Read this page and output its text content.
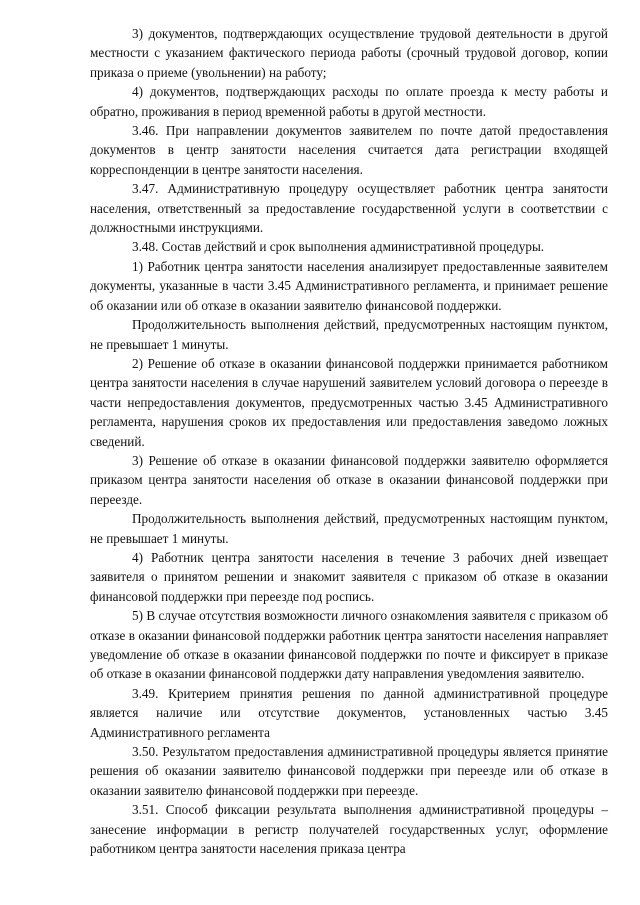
3) документов, подтверждающих осуществление трудовой деятельности в другой местности с указанием фактического периода работы (срочный трудовой договор, копии приказа о приеме (увольнении) на работу;

4) документов, подтверждающих расходы по оплате проезда к месту работы и обратно, проживания в период временной работы в другой местности.

3.46. При направлении документов заявителем по почте датой предоставления документов в центр занятости населения считается дата регистрации входящей корреспонденции в центре занятости населения.

3.47. Административную процедуру осуществляет работник центра занятости населения, ответственный за предоставление государственной услуги в соответствии с должностными инструкциями.

3.48. Состав действий и срок выполнения административной процедуры.

1) Работник центра занятости населения анализирует предоставленные заявителем документы, указанные в части 3.45 Административного регламента, и принимает решение об оказании или об отказе в оказании заявителю финансовой поддержки.

Продолжительность выполнения действий, предусмотренных настоящим пунктом, не превышает 1 минуты.

2) Решение об отказе в оказании финансовой поддержки принимается работником центра занятости населения в случае нарушений заявителем условий договора о переезде в части непредоставления документов, предусмотренных частью 3.45 Административного регламента, нарушения сроков их предоставления или предоставления заведомо ложных сведений.

3) Решение об отказе в оказании финансовой поддержки заявителю оформляется приказом центра занятости населения об отказе в оказании финансовой поддержки при переезде.

Продолжительность выполнения действий, предусмотренных настоящим пунктом, не превышает 1 минуты.

4) Работник центра занятости населения в течение 3 рабочих дней извещает заявителя о принятом решении и знакомит заявителя с приказом об отказе в оказании финансовой поддержки при переезде под роспись.

5) В случае отсутствия возможности личного ознакомления заявителя с приказом об отказе в оказании финансовой поддержки работник центра занятости населения направляет уведомление об отказе в оказании финансовой поддержки по почте и фиксирует в приказе об отказе в оказании финансовой поддержки дату направления уведомления заявителю.

3.49. Критерием принятия решения по данной административной процедуре является наличие или отсутствие документов, установленных частью 3.45 Административного регламента

3.50. Результатом предоставления административной процедуры является принятие решения об оказании заявителю финансовой поддержки при переезде или об отказе в оказании заявителю финансовой поддержки при переезде.

3.51. Способ фиксации результата выполнения административной процедуры – занесение информации в регистр получателей государственных услуг, оформление работником центра занятости населения приказа центра
